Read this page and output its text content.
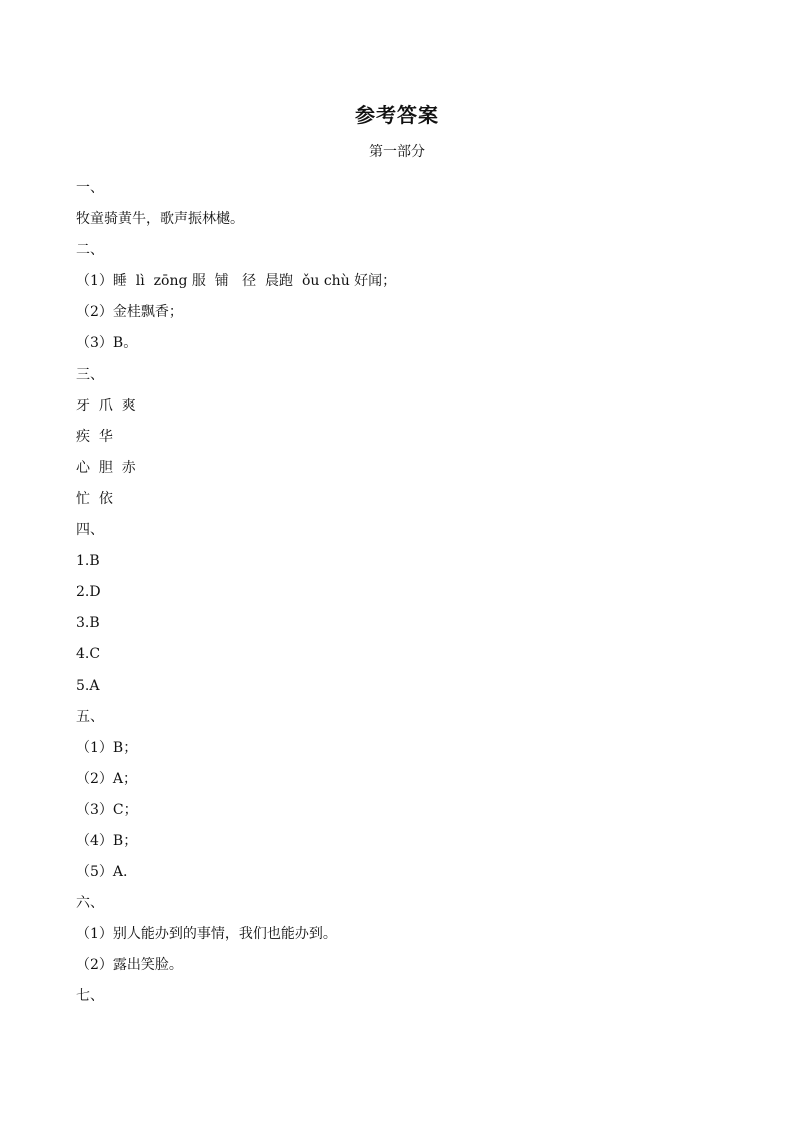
参考答案
第一部分
一、
牧童骑黄牛，歌声振林樾。
二、
（1）睡  lì  zōng 服  铺   径  晨跑  ǒu chù 好闻；
（2）金桂飘香；
（3）B。
三、
牙  爪  爽
疾  华
心  胆  赤
忙  依
四、
1.B
2.D
3.B
4.C
5.A
五、
（1）B；
（2）A；
（3）C；
（4）B；
（5）A.
六、
（1）别人能办到的事情，我们也能办到。
（2）露出笑脸。
七、
